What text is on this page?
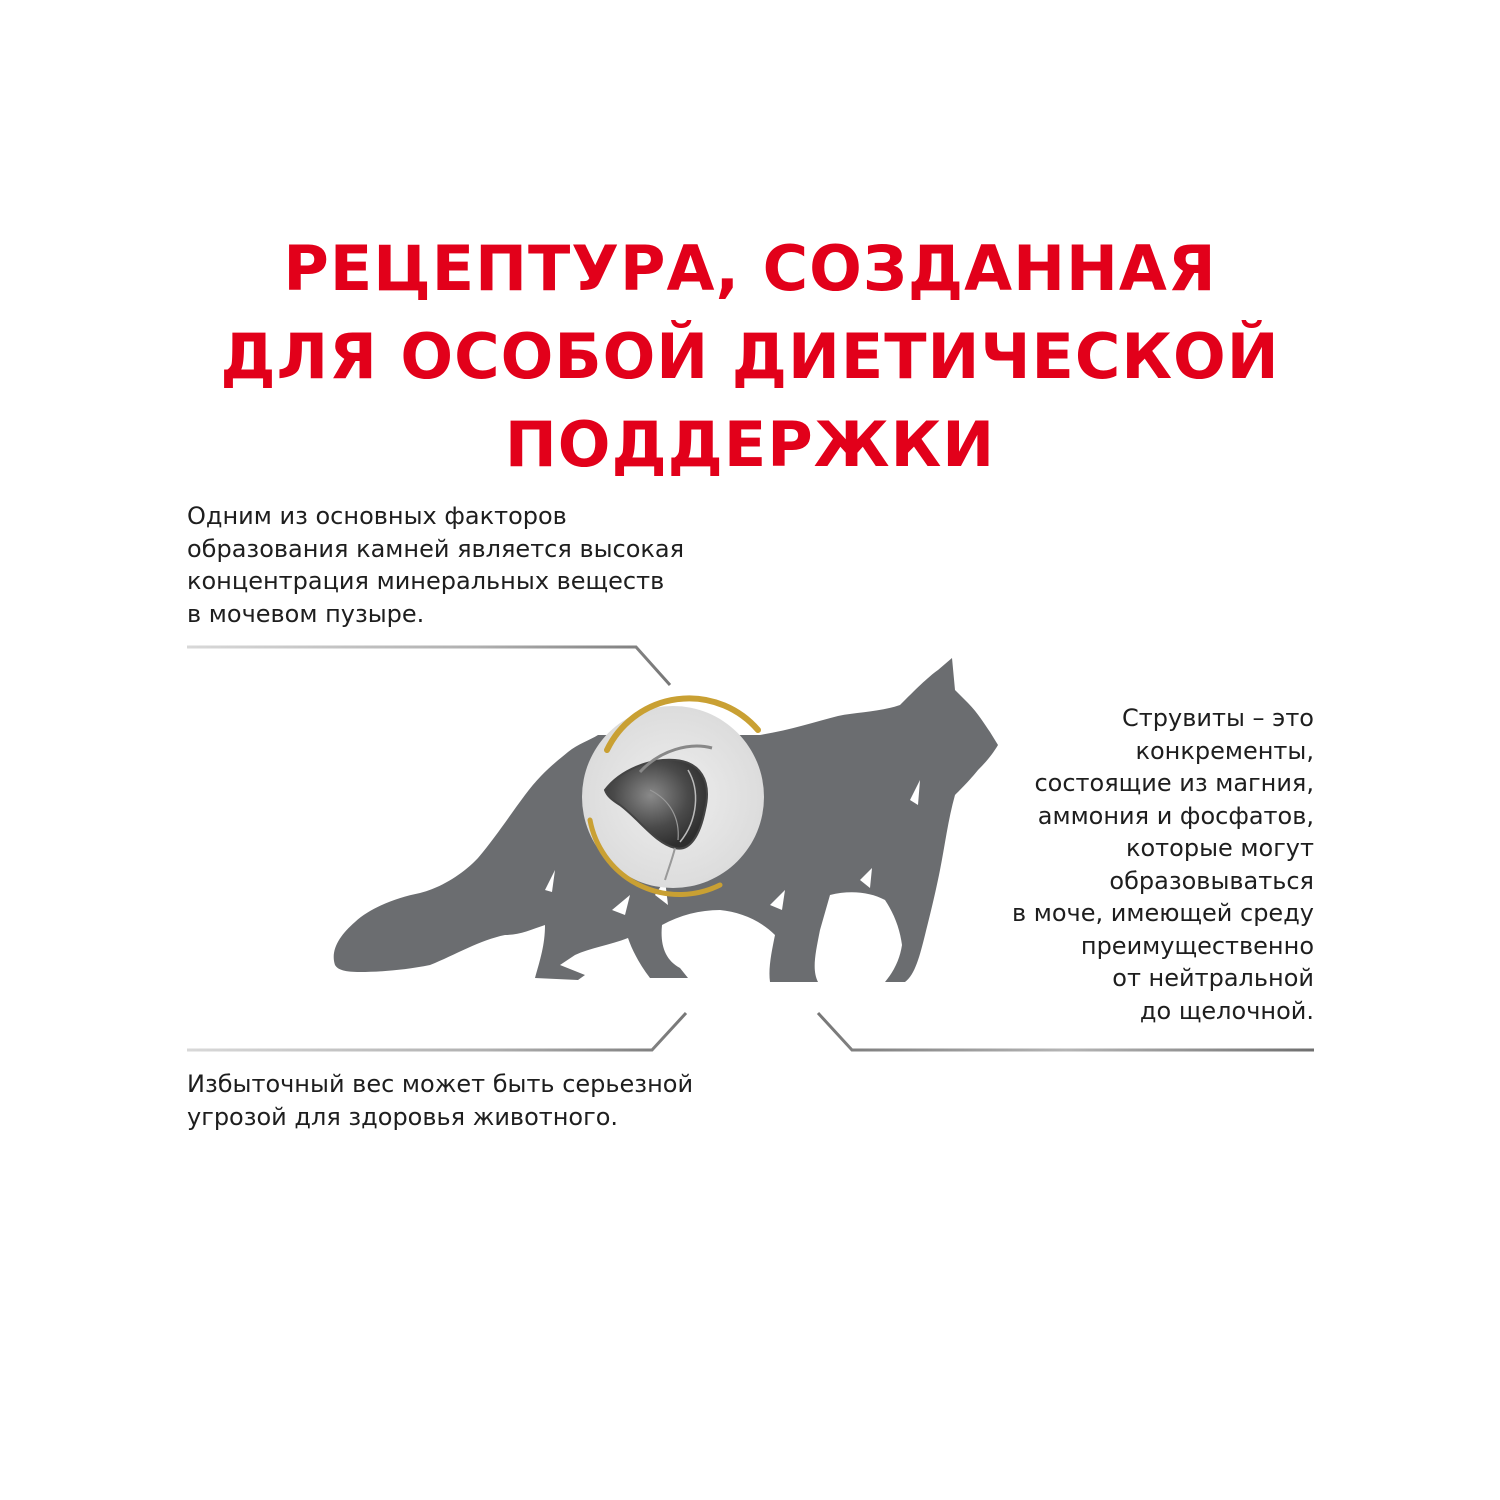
РЕЦЕПТУРА, СОЗДАННАЯ
ДЛЯ ОСОБОЙ ДИЕТИЧЕСКОЙ
ПОДДЕРЖКИ
Одним из основных факторов
образования камней является высокая
концентрация минеральных веществ
в мочевом пузыре.
Струвиты – это
конкременты,
состоящие из магния,
аммония и фосфатов,
которые могут
образовываться
в моче, имеющей среду
преимущественно
от нейтральной
до щелочной.
Избыточный вес может быть серьезной
угрозой для здоровья животного.
